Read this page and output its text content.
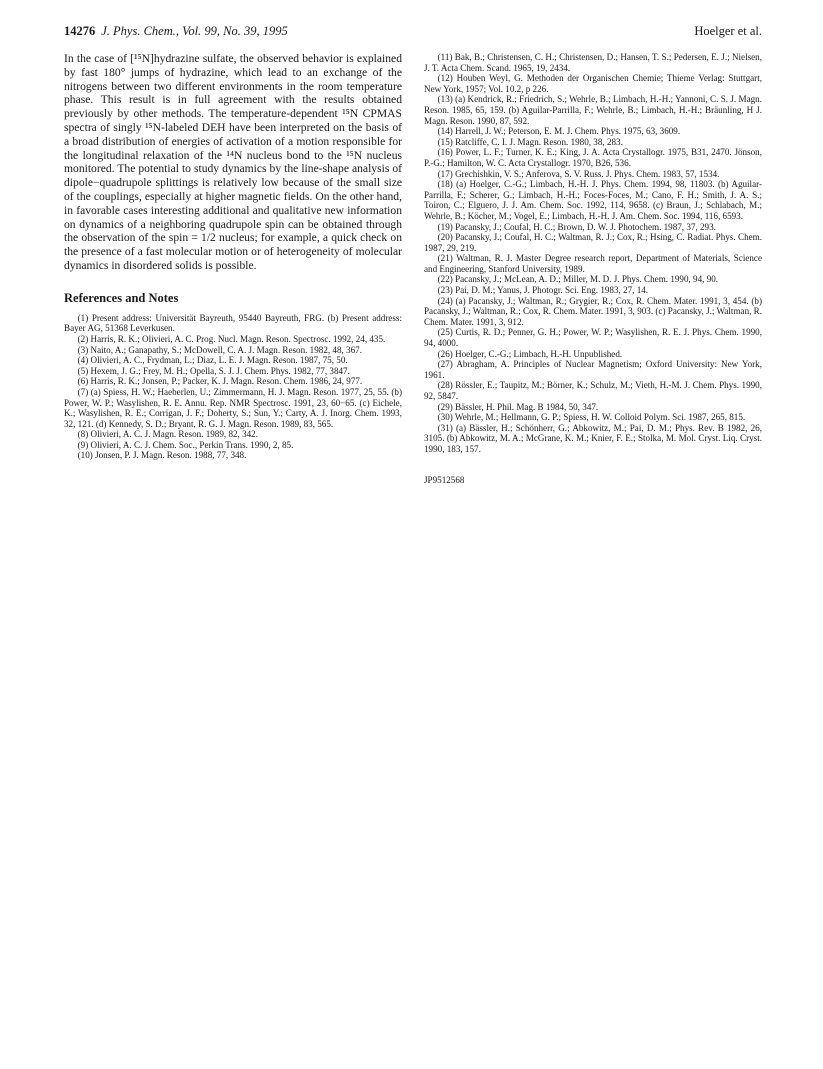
14276 J. Phys. Chem., Vol. 99, No. 39, 1995	Hoelger et al.

In the case of [¹⁵N]hydrazine sulfate, the observed behavior is explained by fast 180° jumps of hydrazine, which lead to an exchange of the nitrogens between two different environments in the room temperature phase. This result is in full agreement with the results obtained previously by other methods. The temperature-dependent ¹⁵N CPMAS spectra of singly ¹⁵N-labeled DEH have been interpreted on the basis of a broad distribution of energies of activation of a motion responsible for the longitudinal relaxation of the ¹⁴N nucleus bond to the ¹⁵N nucleus monitored. The potential to study dynamics by the line-shape analysis of dipole−quadrupole splittings is relatively low because of the small size of the couplings, especially at higher magnetic fields. On the other hand, in favorable cases interesting additional and qualitative new information on dynamics of a neighboring quadrupole spin can be obtained through the observation of the spin = 1/2 nucleus; for example, a quick check on the presence of a fast molecular motion or of heterogeneity of molecular dynamics in disordered solids is possible.

References and Notes

(1) Present address: Universität Bayreuth, 95440 Bayreuth, FRG. (b) Present address: Bayer AG, 51368 Leverkusen.

(2) Harris, R. K.; Olivieri, A. C. Prog. Nucl. Magn. Reson. Spectrosc. 1992, 24, 435.

(3) Naito, A.; Ganapathy, S.; McDowell, C. A. J. Magn. Reson. 1982, 48, 367.

(4) Olivieri, A. C., Frydman, L.; Diaz, L. E. J. Magn. Reson. 1987, 75, 50.

(5) Hexem, J. G.; Frey, M. H.; Opella, S. J. J. Chem. Phys. 1982, 77, 3847.

(6) Harris, R. K.; Jonsen, P.; Packer, K. J. Magn. Reson. Chem. 1986, 24, 977.

(7) (a) Spiess, H. W.; Haeberlen, U.; Zimmermann, H. J. Magn. Reson. 1977, 25, 55. (b) Power, W. P.; Wasylishen, R. E. Annu. Rep. NMR Spectrosc. 1991, 23, 60−65. (c) Eichele, K.; Wasylishen, R. E.; Corrigan, J. F.; Doherty, S.; Sun, Y.; Carty, A. J. Inorg. Chem. 1993, 32, 121. (d) Kennedy, S. D.; Bryant, R. G. J. Magn. Reson. 1989, 83, 565.

(8) Olivieri, A. C. J. Magn. Reson. 1989, 82, 342.

(9) Olivieri, A. C. J. Chem. Soc., Perkin Trans. 1990, 2, 85.

(10) Jonsen, P. J. Magn. Reson. 1988, 77, 348.

(11) Bak, B.; Christensen, C. H.; Christensen, D.; Hansen, T. S.; Pedersen, E. J.; Nielsen, J. T. Acta Chem. Scand. 1965, 19, 2434.

(12) Houben Weyl, G. Methoden der Organischen Chemie; Thieme Verlag: Stuttgart, New York, 1957; Vol. 10.2, p 226.

(13) (a) Kendrick, R.; Friedrich, S.; Wehrle, B.; Limbach, H.-H.; Yannoni, C. S. J. Magn. Reson. 1985, 65, 159. (b) Aguilar-Parrilla, F.; Wehrle, B.; Limbach, H.-H.; Bräunling, H J. Magn. Reson. 1990, 87, 592.

(14) Harrell, J. W.; Peterson, E. M. J. Chem. Phys. 1975, 63, 3609.

(15) Ratcliffe, C. I. J. Magn. Reson. 1980, 38, 283.

(16) Power, L. F.; Turner, K. E.; King, J. A. Acta Crystallogr. 1975, B31, 2470. Jönson, P.-G.; Hamilton, W. C. Acta Crystallogr. 1970, B26, 536.

(17) Grechishkin, V. S.; Anferova, S. V. Russ. J. Phys. Chem. 1983, 57, 1534.

(18) (a) Hoelger, C.-G.; Limbach, H.-H. J. Phys. Chem. 1994, 98, 11803. (b) Aguilar-Parrilla, F.; Scherer, G.; Limbach, H.-H.; Foces-Foces, M.; Cano, F. H.; Smith, J. A. S.; Toiron, C.; Elguero, J. J. Am. Chem. Soc. 1992, 114, 9658. (c) Braun, J.; Schlabach, M.; Wehrle, B.; Köcher, M.; Vogel, E.; Limbach, H.-H. J. Am. Chem. Soc. 1994, 116, 6593.

(19) Pacansky, J.; Coufal, H. C.; Brown, D. W. J. Photochem. 1987, 37, 293.

(20) Pacansky, J.; Coufal, H. C.; Waltman, R. J.; Cox, R.; Hsing, C. Radiat. Phys. Chem. 1987, 29, 219.

(21) Waltman, R. J. Master Degree research report, Department of Materials, Science and Engineering, Stanford University, 1989.

(22) Pacansky, J.; McLean, A. D.; Miller, M. D. J. Phys. Chem. 1990, 94, 90.

(23) Pai, D. M.; Yanus, J. Photogr. Sci. Eng. 1983, 27, 14.

(24) (a) Pacansky, J.; Waltman, R.; Grygier, R.; Cox, R. Chem. Mater. 1991, 3, 454. (b) Pacansky, J.; Waltman, R.; Cox, R. Chem. Mater. 1991, 3, 903. (c) Pacansky, J.; Waltman, R. Chem. Mater. 1991, 3, 912.

(25) Curtis, R. D.; Penner, G. H.; Power, W. P.; Wasylishen, R. E. J. Phys. Chem. 1990, 94, 4000.

(26) Hoelger, C.-G.; Limbach, H.-H. Unpublished.

(27) Abragham, A. Principles of Nuclear Magnetism; Oxford University: New York, 1961.

(28) Rössler, E.; Taupitz, M.; Börner, K.; Schulz, M.; Vieth, H.-M. J. Chem. Phys. 1990, 92, 5847.

(29) Bässler, H. Phil. Mag. B 1984, 50, 347.

(30) Wehrle, M.; Hellmann, G. P.; Spiess, H. W. Colloid Polym. Sci. 1987, 265, 815.

(31) (a) Bässler, H.; Schönherr, G.; Abkowitz, M.; Pai, D. M.; Phys. Rev. B 1982, 26, 3105. (b) Abkowitz, M. A.; McGrane, K. M.; Knier, F. E.; Stolka, M. Mol. Cryst. Liq. Cryst. 1990, 183, 157.

JP9512568
